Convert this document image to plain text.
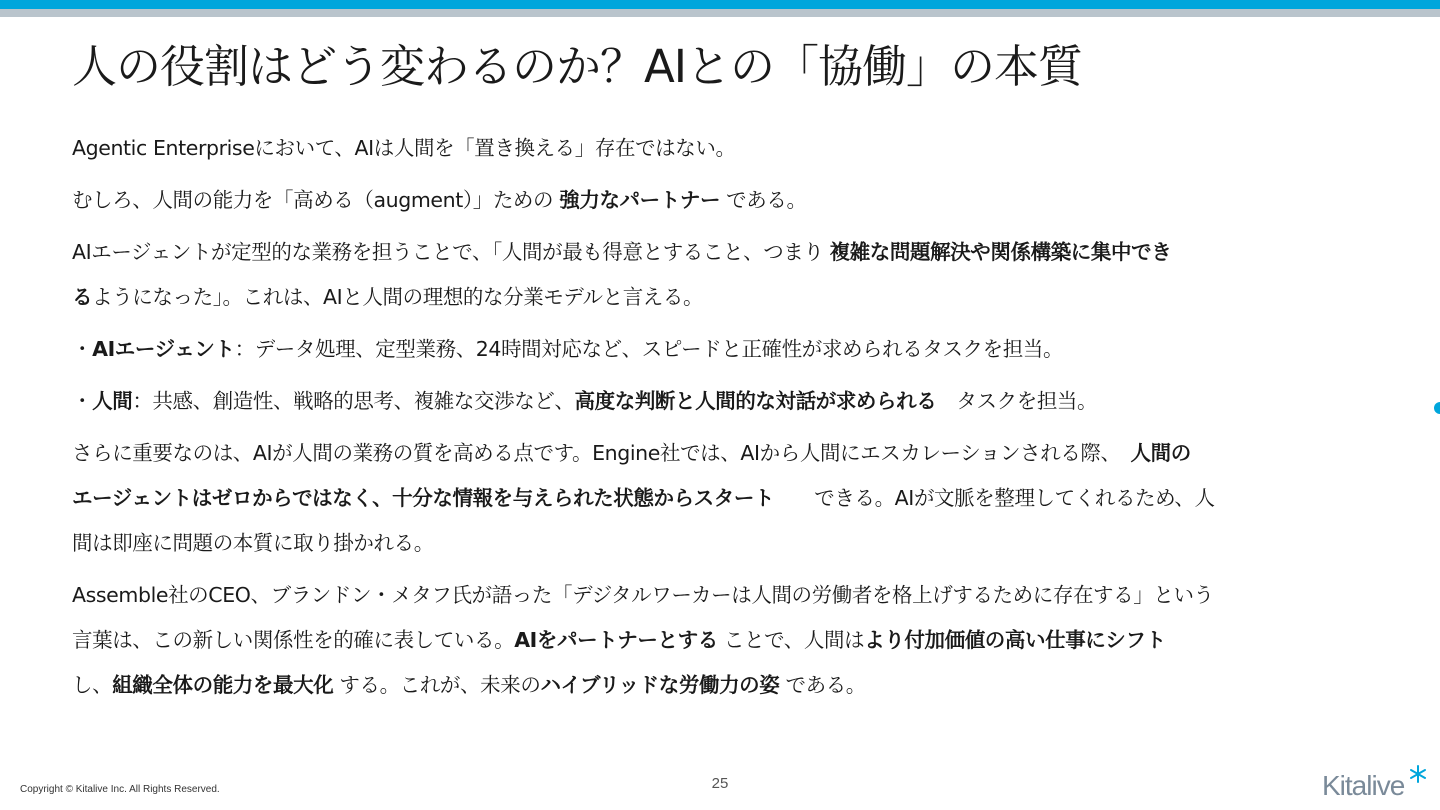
人の役割はどう変わるのか？AIとの「協働」の本質

Agentic Enterpriseにおいて、AIは人間を「置き換える」存在ではない。

むしろ、人間の能力を「高める（augment）」ための 強力なパートナー である。

AIエージェントが定型的な業務を担うことで、「人間が最も得意とすること、つまり 複雑な問題解決や関係構築に集中でき

るようになった」。これは、AIと人間の理想的な分業モデルと言える。

・AIエージェント：データ処理、定型業務、24時間対応など、スピードと正確性が求められるタスクを担当。

・人間：共感、創造性、戦略的思考、複雑な交渉など、高度な判断と人間的な対話が求められる　タスクを担当。

さらに重要なのは、AIが人間の業務の質を高める点です。Engine社では、AIから人間にエスカレーションされる際、　人間の

エージェントはゼロからではなく、十分な情報を与えられた状態からスタート　　できる。AIが文脈を整理してくれるため、人

間は即座に問題の本質に取り掛かれる。

Assemble社のCEO、ブランドン・メタフ氏が語った「デジタルワーカーは人間の労働者を格上げするために存在する」という

言葉は、この新しい関係性を的確に表している。AIをパートナーとする ことで、人間はより付加価値の高い仕事にシフト

し、組織全体の能力を最大化 する。これが、未来のハイブリッドな労働力の姿 である。

Copyright © Kitalive Inc. All Rights Reserved.	25	Kitalive
